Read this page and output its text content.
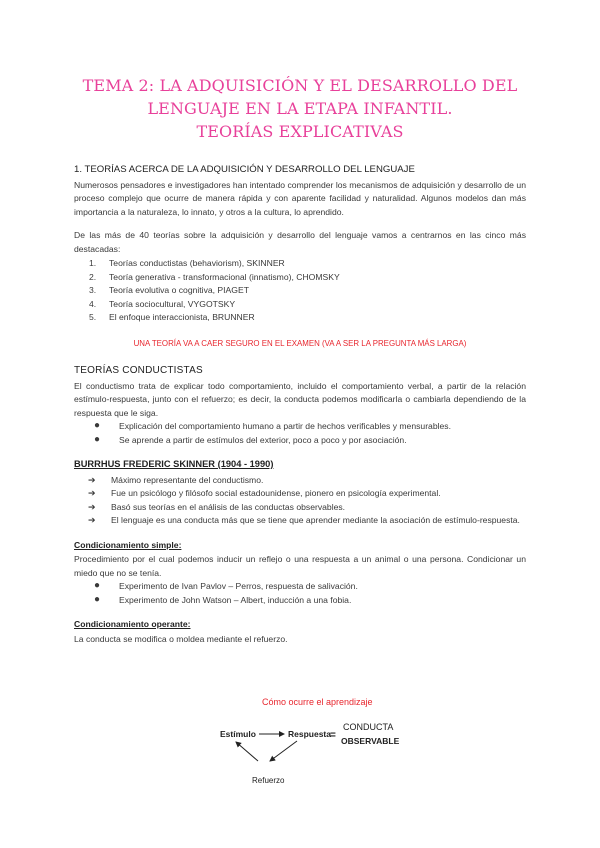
TEMA 2: LA ADQUISICIÓN Y EL DESARROLLO DEL
LENGUAJE EN LA ETAPA INFANTIL.
TEORÍAS EXPLICATIVAS
1. TEORÍAS ACERCA DE LA ADQUISICIÓN Y DESARROLLO DEL LENGUAJE

Numerosos pensadores e investigadores han intentado comprender los mecanismos de adquisición y desarrollo de un proceso complejo que ocurre de manera rápida y con aparente facilidad y naturalidad. Algunos modelos dan más importancia a la naturaleza, lo innato, y otros a la cultura, lo aprendido.

De las más de 40 teorías sobre la adquisición y desarrollo del lenguaje vamos a centrarnos en las cinco más destacadas:

1. Teorías conductistas (behaviorism), SKINNER
2. Teoría generativa - transformacional (innatismo), CHOMSKY
3. Teoría evolutiva o cognitiva, PIAGET
4. Teoría sociocultural, VYGOTSKY
5. El enfoque interaccionista, BRUNNER

UNA TEORÍA VA A CAER SEGURO EN EL EXAMEN (VA A SER LA PREGUNTA MÁS LARGA)

TEORÍAS CONDUCTISTAS

El conductismo trata de explicar todo comportamiento, incluido el comportamiento verbal, a partir de la relación estímulo-respuesta, junto con el refuerzo; es decir, la conducta podemos modificarla o cambiarla dependiendo de la respuesta que le siga.

● Explicación del comportamiento humano a partir de hechos verificables y mensurables.
● Se aprende a partir de estímulos del exterior, poco a poco y por asociación.
BURRHUS FREDERIC SKINNER (1904 - 1990)
➔ Máximo representante del conductismo.
➔ Fue un psicólogo y filósofo social estadounidense, pionero en psicología experimental.
➔ Basó sus teorías en el análisis de las conductas observables.
➔ El lenguaje es una conducta más que se tiene que aprender mediante la asociación de estímulo-respuesta.
Condicionamiento simple:

Procedimiento por el cual podemos inducir un reflejo o una respuesta a un animal o una persona. Condicionar un miedo que no se tenía.

● Experimento de Ivan Pavlov – Perros, respuesta de salivación.
● Experimento de John Watson – Albert, inducción a una fobia.
Condicionamiento operante:

La conducta se modifica o moldea mediante el refuerzo.

Cómo ocurre el aprendizaje
Estímulo	Respuesta =
CONDUCTA
OBSERVABLE
Refuerzo
